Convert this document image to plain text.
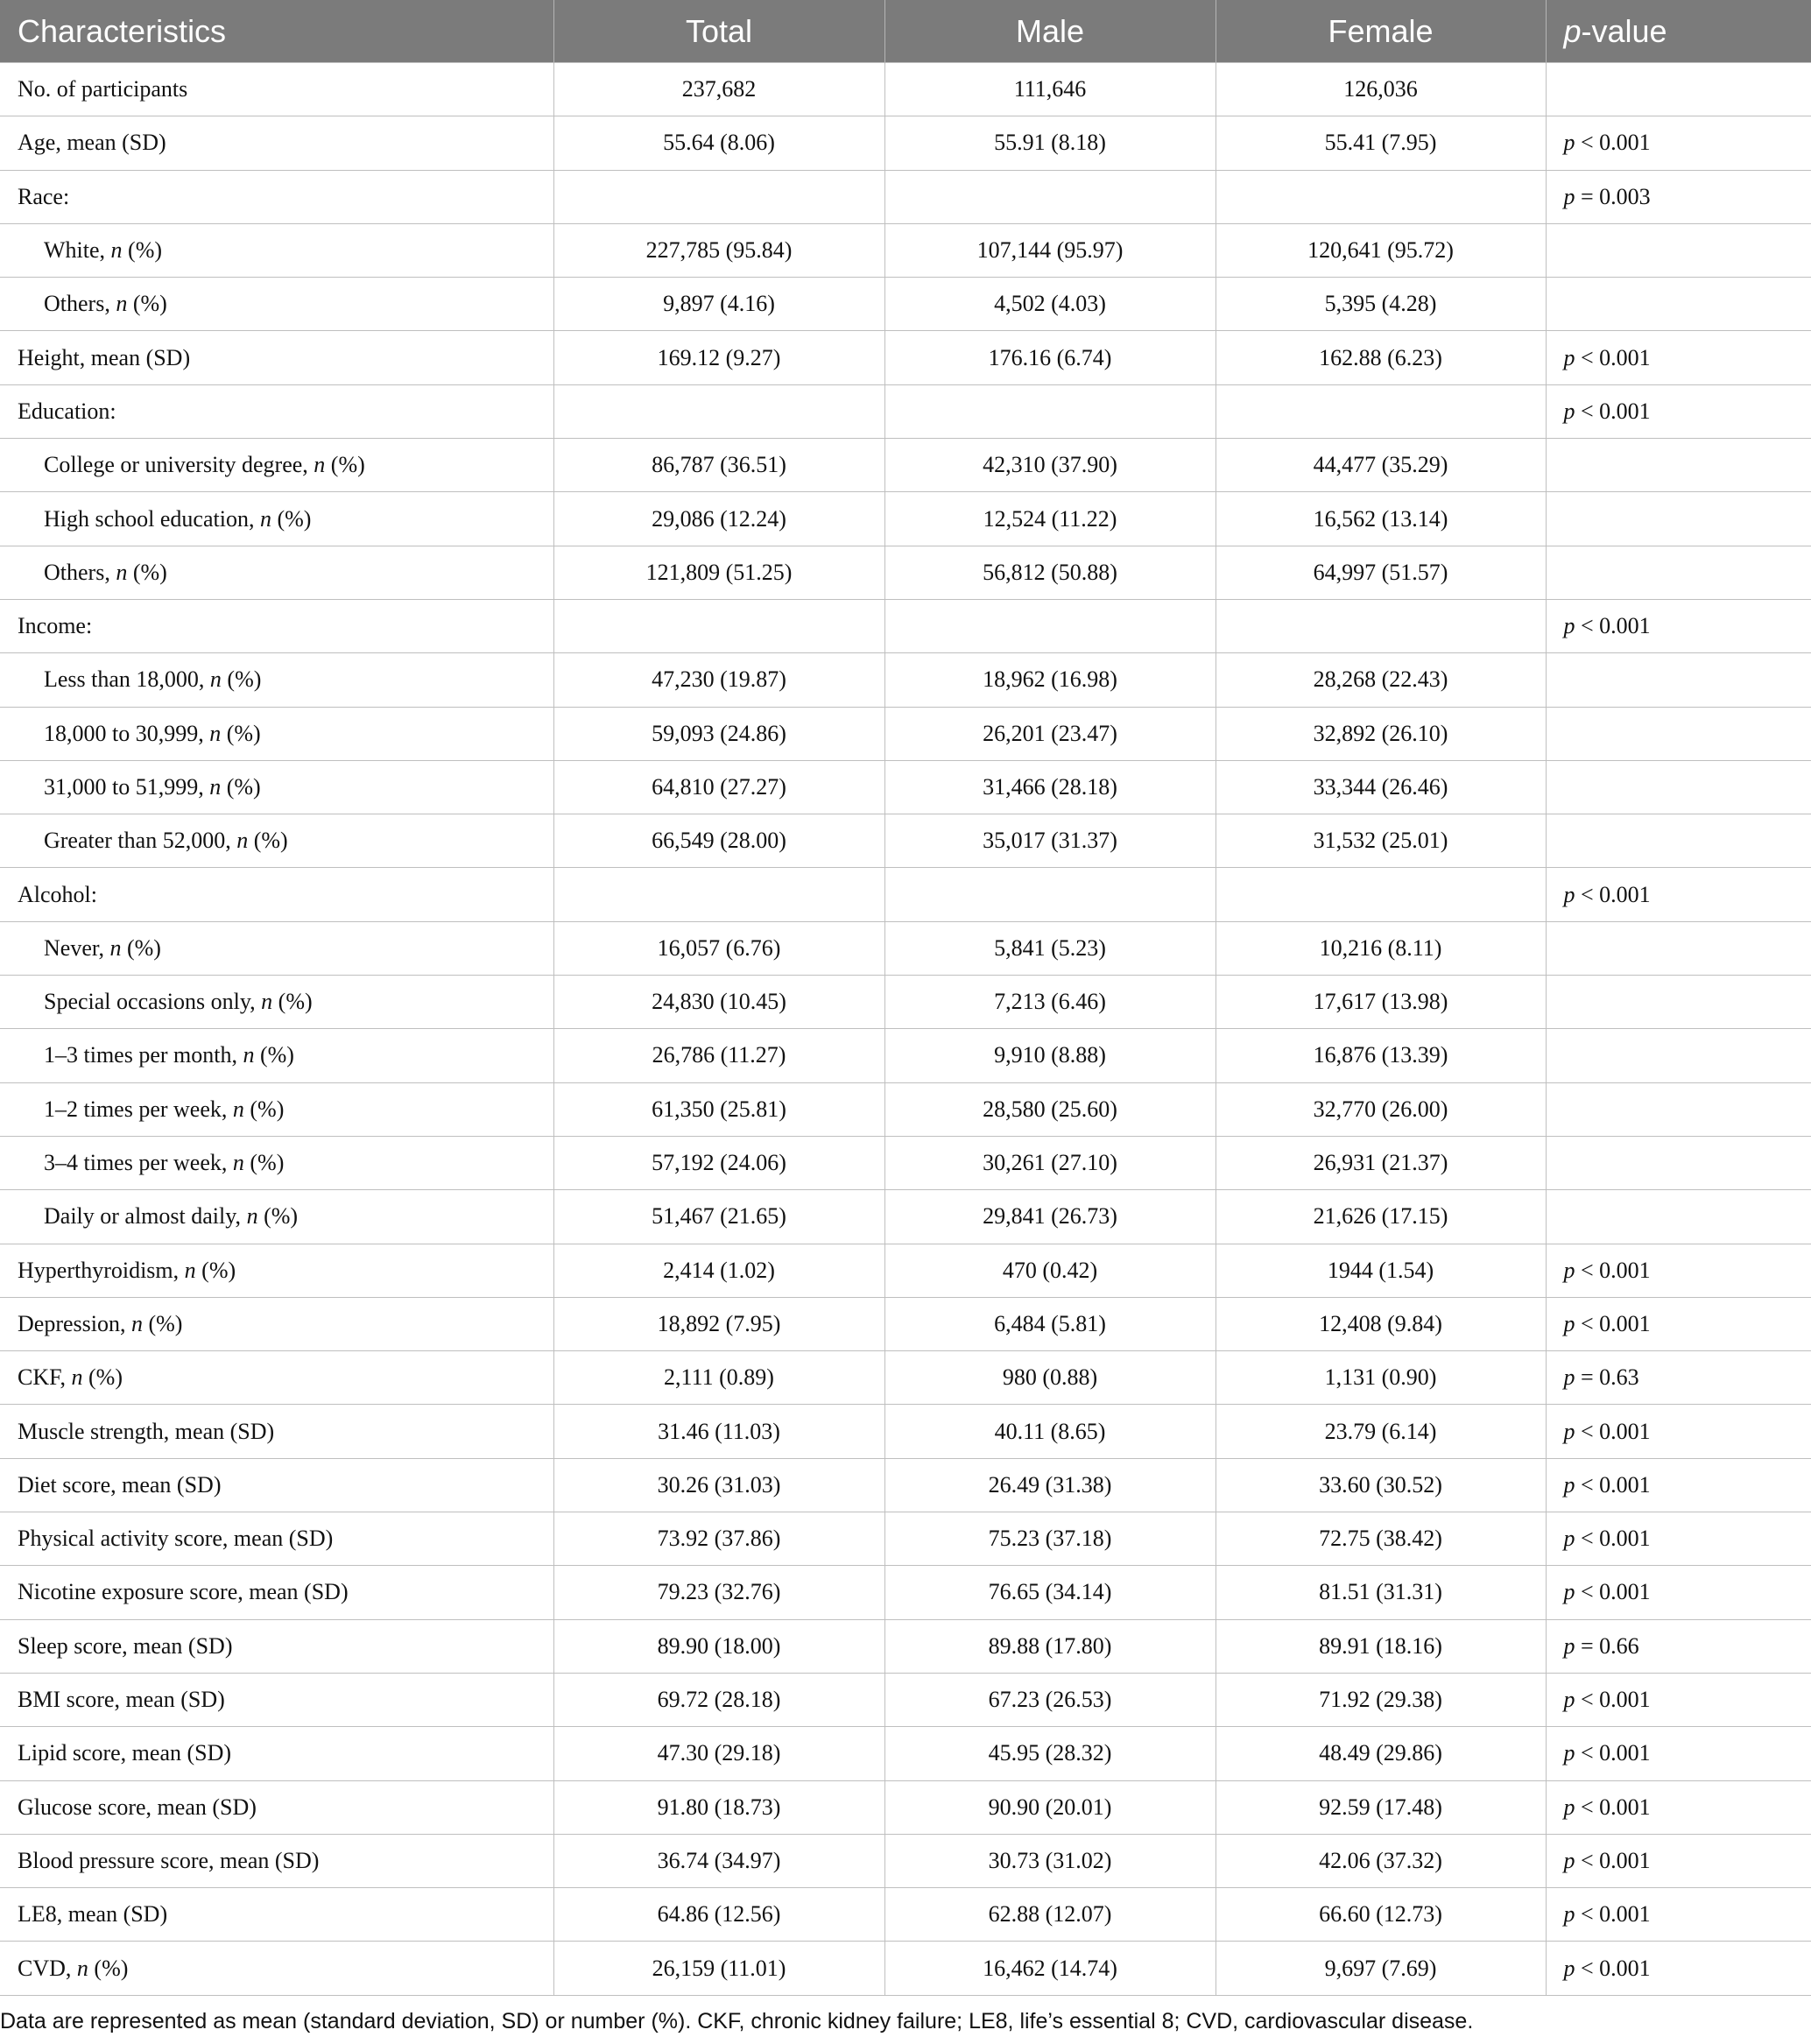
Characteristics	Total	Male	Female	p-value
No. of participants	237,682	111,646	126,036	
Age, mean (SD)	55.64 (8.06)	55.91 (8.18)	55.41 (7.95)	p < 0.001
Race:				p = 0.003
White, n (%)	227,785 (95.84)	107,144 (95.97)	120,641 (95.72)	
Others, n (%)	9,897 (4.16)	4,502 (4.03)	5,395 (4.28)	
Height, mean (SD)	169.12 (9.27)	176.16 (6.74)	162.88 (6.23)	p < 0.001
Education:				p < 0.001
College or university degree, n (%)	86,787 (36.51)	42,310 (37.90)	44,477 (35.29)	
High school education, n (%)	29,086 (12.24)	12,524 (11.22)	16,562 (13.14)	
Others, n (%)	121,809 (51.25)	56,812 (50.88)	64,997 (51.57)	
Income:				p < 0.001
Less than 18,000, n (%)	47,230 (19.87)	18,962 (16.98)	28,268 (22.43)	
18,000 to 30,999, n (%)	59,093 (24.86)	26,201 (23.47)	32,892 (26.10)	
31,000 to 51,999, n (%)	64,810 (27.27)	31,466 (28.18)	33,344 (26.46)	
Greater than 52,000, n (%)	66,549 (28.00)	35,017 (31.37)	31,532 (25.01)	
Alcohol:				p < 0.001
Never, n (%)	16,057 (6.76)	5,841 (5.23)	10,216 (8.11)	
Special occasions only, n (%)	24,830 (10.45)	7,213 (6.46)	17,617 (13.98)	
1–3 times per month, n (%)	26,786 (11.27)	9,910 (8.88)	16,876 (13.39)	
1–2 times per week, n (%)	61,350 (25.81)	28,580 (25.60)	32,770 (26.00)	
3–4 times per week, n (%)	57,192 (24.06)	30,261 (27.10)	26,931 (21.37)	
Daily or almost daily, n (%)	51,467 (21.65)	29,841 (26.73)	21,626 (17.15)	
Hyperthyroidism, n (%)	2,414 (1.02)	470 (0.42)	1944 (1.54)	p < 0.001
Depression, n (%)	18,892 (7.95)	6,484 (5.81)	12,408 (9.84)	p < 0.001
CKF, n (%)	2,111 (0.89)	980 (0.88)	1,131 (0.90)	p = 0.63
Muscle strength, mean (SD)	31.46 (11.03)	40.11 (8.65)	23.79 (6.14)	p < 0.001
Diet score, mean (SD)	30.26 (31.03)	26.49 (31.38)	33.60 (30.52)	p < 0.001
Physical activity score, mean (SD)	73.92 (37.86)	75.23 (37.18)	72.75 (38.42)	p < 0.001
Nicotine exposure score, mean (SD)	79.23 (32.76)	76.65 (34.14)	81.51 (31.31)	p < 0.001
Sleep score, mean (SD)	89.90 (18.00)	89.88 (17.80)	89.91 (18.16)	p = 0.66
BMI score, mean (SD)	69.72 (28.18)	67.23 (26.53)	71.92 (29.38)	p < 0.001
Lipid score, mean (SD)	47.30 (29.18)	45.95 (28.32)	48.49 (29.86)	p < 0.001
Glucose score, mean (SD)	91.80 (18.73)	90.90 (20.01)	92.59 (17.48)	p < 0.001
Blood pressure score, mean (SD)	36.74 (34.97)	30.73 (31.02)	42.06 (37.32)	p < 0.001
LE8, mean (SD)	64.86 (12.56)	62.88 (12.07)	66.60 (12.73)	p < 0.001
CVD, n (%)	26,159 (11.01)	16,462 (14.74)	9,697 (7.69)	p < 0.001
Data are represented as mean (standard deviation, SD) or number (%). CKF, chronic kidney failure; LE8, life’s essential 8; CVD, cardiovascular disease.
